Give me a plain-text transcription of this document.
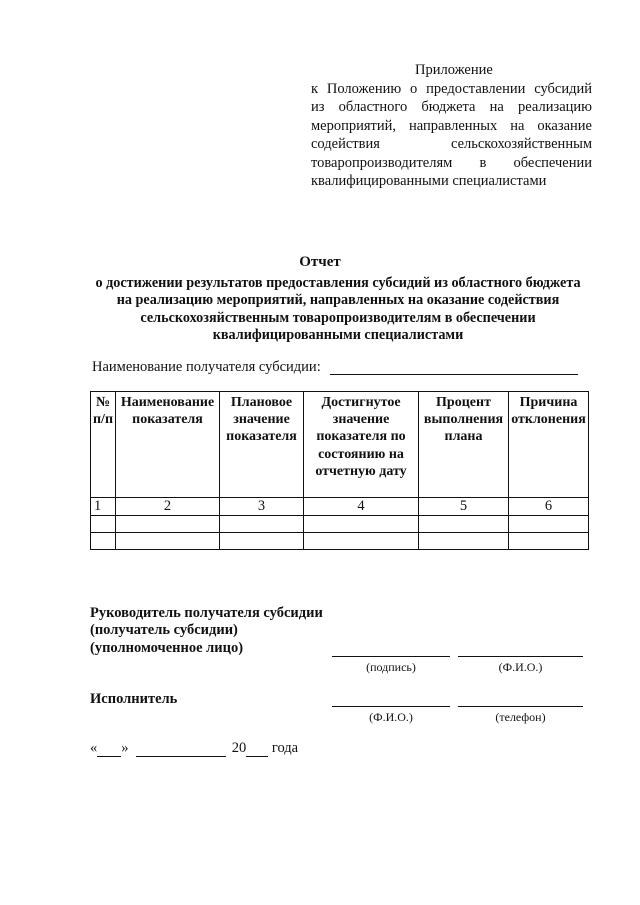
Приложение
к Положению о предоставлении субсидий
из областного бюджета на реализацию
мероприятий, направленных на оказание
содействия сельскохозяйственным
товаропроизводителям в обеспечении
квалифицированными специалистами
Отчет
о достижении результатов предоставления субсидий из областного бюджета
на реализацию мероприятий, направленных на оказание содействия
сельскохозяйственным товаропроизводителям в обеспечении
квалифицированными специалистами
Наименование получателя субсидии:
№ п/п	Наименование показателя	Плановое значение показателя	Достигнутое значение показателя по состоянию на отчетную дату	Процент выполнения плана	Причина отклонения
1	2	3	4	5	6

Руководитель получателя субсидии
(получатель субсидии)
(уполномоченное лицо)
(подпись)	(Ф.И.О.)
Исполнитель
(Ф.И.О.)	(телефон)
« »	20 года
